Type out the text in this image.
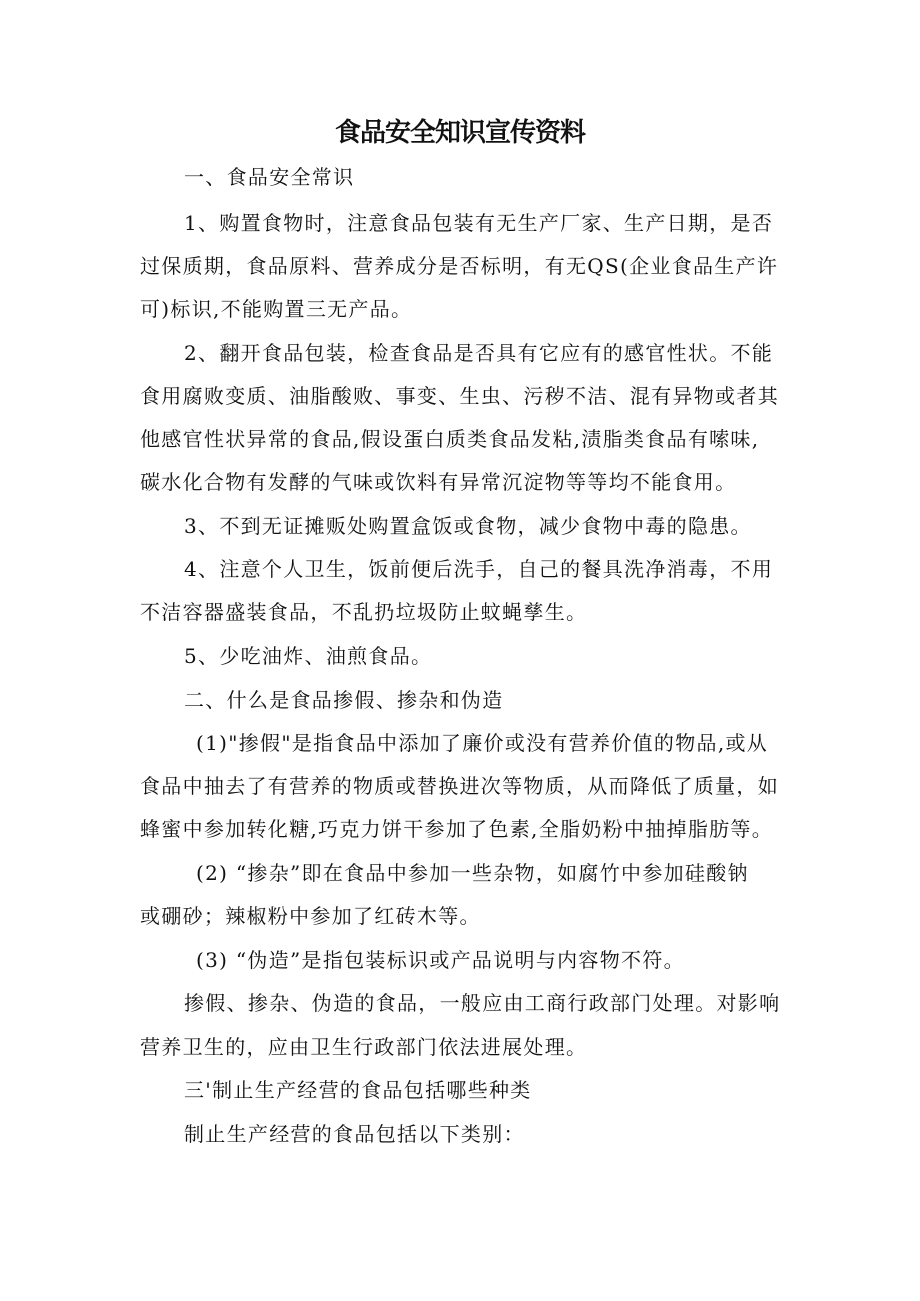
食品安全知识宣传资料
一、食品安全常识
1、购置食物时，注意食品包装有无生产厂家、生产日期，是否
过保质期，食品原料、营养成分是否标明，有无QS(企业食品生产许
可)标识,不能购置三无产品。
2、翻开食品包装，检查食品是否具有它应有的感官性状。不能
食用腐败变质、油脂酸败、事变、生虫、污秽不洁、混有异物或者其
他感官性状异常的食品,假设蛋白质类食品发粘,渍脂类食品有嗦味,
碳水化合物有发酵的气味或饮料有异常沉淀物等等均不能食用。
3、不到无证摊贩处购置盒饭或食物，减少食物中毒的隐患。
4、注意个人卫生，饭前便后洗手，自己的餐具洗净消毒，不用
不洁容器盛装食品，不乱扔垃圾防止蚊蝇孳生。
5、少吃油炸、油煎食品。
二、什么是食品掺假、掺杂和伪造
(1)"掺假"是指食品中添加了廉价或没有营养价值的物品,或从
食品中抽去了有营养的物质或替换进次等物质，从而降低了质量，如
蜂蜜中参加转化糖,巧克力饼干参加了色素,全脂奶粉中抽掉脂肪等。
(2) “掺杂”即在食品中参加一些杂物，如腐竹中参加硅酸钠
或硼砂；辣椒粉中参加了红砖木等。
(3) “伪造”是指包装标识或产品说明与内容物不符。
掺假、掺杂、伪造的食品，一般应由工商行政部门处理。对影响
营养卫生的，应由卫生行政部门依法进展处理。
三'制止生产经营的食品包括哪些种类
制止生产经营的食品包括以下类别：
